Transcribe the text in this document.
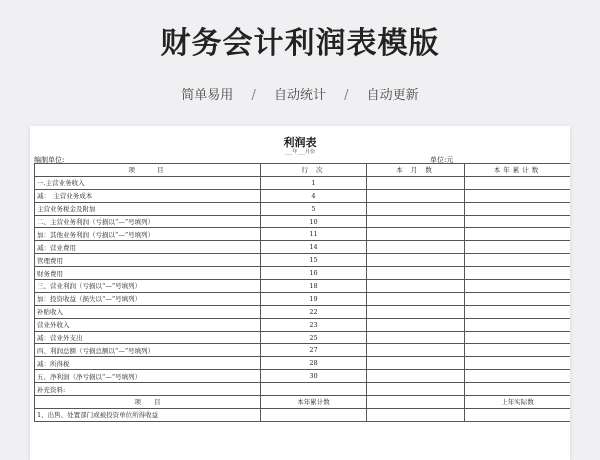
财务会计利润表模版
简单易用 / 自动统计 / 自动更新
利润表
___年___月份
编制单位:	单位:元
项　　目	行 次	本 月 数	本年累计数
一.主营业务收入	1		
减：　主营业务成本	4		
主营业务税金及附加	5		
二、主营业务利润（亏损以“—”号填列）	10		
加：其他业务利润（亏损以“—”号填列）	11		
减：营业费用	14		
管理费用	15		
财务费用	16		
三、营业利润（亏损以“—”号填列）	18		
加：投资收益（损失以“—”号填列）	19		
补贴收入	22		
营业外收入	23		
减：营业外支出	25		
四、利润总额（亏损总额以“—”号填列）	27		
减：所得税	28		
五、净利润（净亏损以“—”号填列）	30		
补充资料:			
项　　目	本年累计数		上年实际数
1、出售、处置部门或被投资单位所得收益			
